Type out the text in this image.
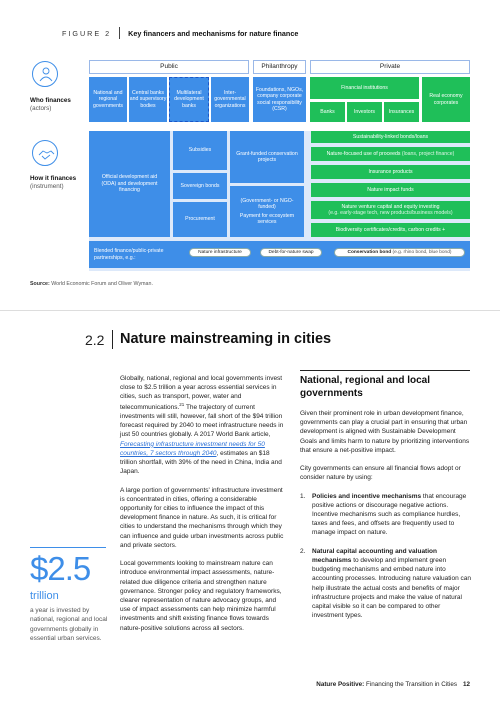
FIGURE 2 Key financers and mechanisms for nature finance
Who finances
(actors)
How it finances
(instrument)
Public	Philanthropy	Private
National and regional governments
Central banks and supervisory bodies
Multilateral development banks
Inter-governmental organizations
Foundations, NGOs, company corporate social responsibility (CSR)
Financial institutions
Banks	Investors	Insurances
Real economy corporates
Official development aid (ODA) and development financing
Subsidies
Sovereign bonds
Procurement
Grant-funded conservation projects
(Government- or NGO-funded)
Payment for ecosystem services
Sustainability-linked bonds/loans
Nature-focused use of proceeds
(loans, project finance)
Insurance products
Nature impact funds
Nature venture capital and equity investing
(e.g. early-stage tech, new products/business models)
Biodiversity certificates/credits, carbon credits +
Blended finance/public-private partnerships, e.g.:
Nature infrastructure	Debt-for-nature swap	Conservation bond
(e.g. rhino bond, blue bond)
Source: World Economic Forum and Oliver Wyman.
2.2 Nature mainstreaming in cities
$2.5
trillion
a year is invested by national, regional and local governments globally in essential urban services.

Globally, national, regional and local governments invest close to $2.5 trillion a year across essential services in cities, such as transport, power, water and telecommunications.$^{21}$ The trajectory of current investments will still, however, fall short of the $94 trillion forecast required by 2040 to meet infrastructure needs in just 50 countries globally. A 2017 World Bank article, Forecasting infrastructure investment needs for 50 countries, 7 sectors through 2040, estimates an $18 trillion shortfall, with 39% of the need in China, India and Japan.

A large portion of governments' infrastructure investment is concentrated in cities, offering a considerable opportunity for cities to influence the impact of this development finance in nature. As such, it is critical for cities to understand the mechanisms through which they can influence and guide urban investments across public and private sectors.

Local governments looking to mainstream nature can introduce environmental impact assessments, nature-related due diligence criteria and strengthen nature governance. Stronger policy and regulatory frameworks, clearer representation of nature advocacy groups, and use of impact assessments can help minimize harmful investments and shift existing finance flows towards nature-positive solutions across all sectors.

National, regional and local governments

Given their prominent role in urban development finance, governments can play a crucial part in ensuring that urban development is aligned with Sustainable Development Goals and limits harm to nature by prioritizing interventions that ensure a net-positive impact.

City governments can ensure all financial flows adopt or consider nature by using:

1.	Policies and incentive mechanisms that encourage positive actions or discourage negative actions. Incentive mechanisms such as compliance hurdles, taxes and fees, and offsets are frequently used to manage impact on nature.
2.	Natural capital accounting and valuation mechanisms to develop and implement green budgeting mechanisms and embed nature into accounting processes. Introducing nature valuation can help illustrate the actual costs and benefits of major infrastructure projects and make the value of natural capital visible so it can be compared to other investment types.
Nature Positive: Financing the Transition in Cities 12
